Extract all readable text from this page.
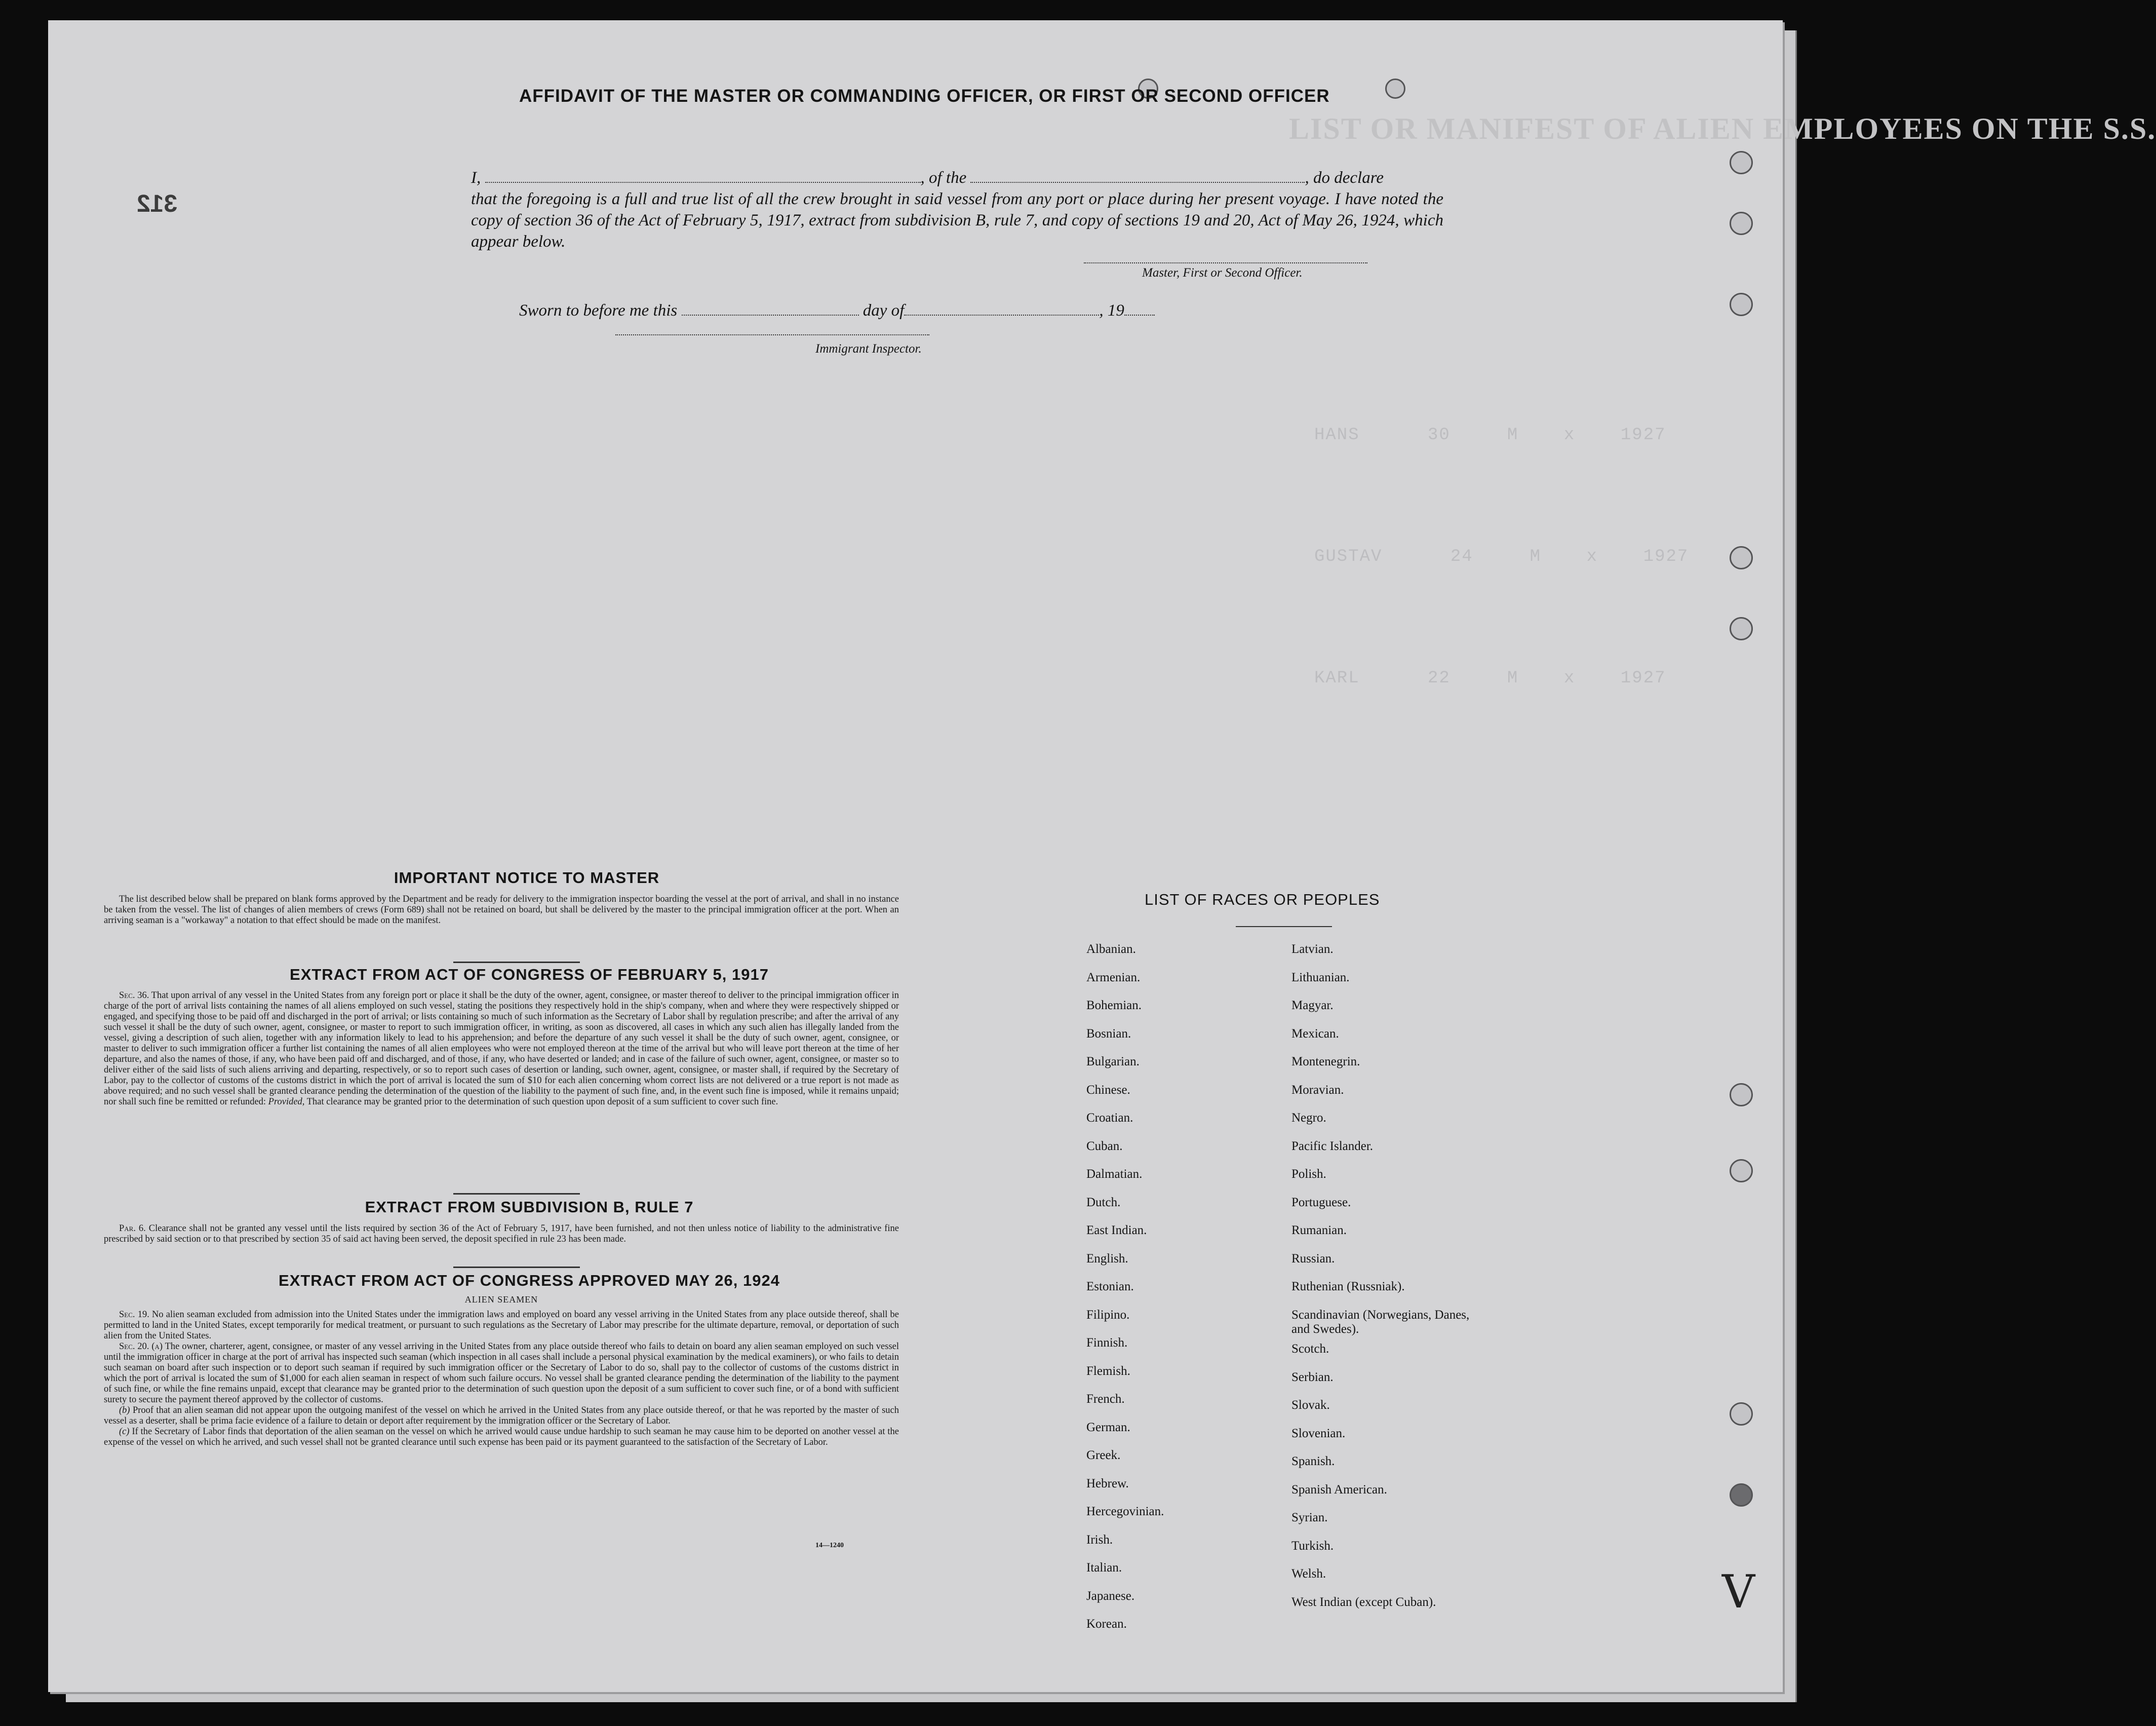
LIST OR MANIFEST OF ALIEN EMPLOYEES ON THE S.S.
HANS      30     M    x    1927
GUSTAV      24     M    x    1927
KARL      22     M    x    1927
312
V
AFFIDAVIT OF THE MASTER OR COMMANDING OFFICER, OR FIRST OR SECOND OFFICER
I,	, of the	, do declare
that the foregoing is a full and true list of all the crew brought in said vessel from any port or place during her present voyage. I have noted the copy of section 36 of the Act of February 5, 1917, extract from subdivision B, rule 7, and copy of sections 19 and 20, Act of May 26, 1924, which appear below.
Master, First or Second Officer.
Sworn to before me this	day of	, 19
Immigrant Inspector.
IMPORTANT NOTICE TO MASTER

The list described below shall be prepared on blank forms approved by the Department and be ready for delivery to the immigration inspector boarding the vessel at the port of arrival, and shall in no instance be taken from the vessel. The list of changes of alien members of crews (Form 689) shall not be retained on board, but shall be delivered by the master to the principal immigration officer at the port. When an arriving seaman is a "workaway" a notation to that effect should be made on the manifest.

EXTRACT FROM ACT OF CONGRESS OF FEBRUARY 5, 1917

Sec. 36. That upon arrival of any vessel in the United States from any foreign port or place it shall be the duty of the owner, agent, consignee, or master thereof to deliver to the principal immigration officer in charge of the port of arrival lists containing the names of all aliens employed on such vessel, stating the positions they respectively hold in the ship's company, when and where they were respectively shipped or engaged, and specifying those to be paid off and discharged in the port of arrival; or lists containing so much of such information as the Secretary of Labor shall by regulation prescribe; and after the arrival of any such vessel it shall be the duty of such owner, agent, consignee, or master to report to such immigration officer, in writing, as soon as discovered, all cases in which any such alien has illegally landed from the vessel, giving a description of such alien, together with any information likely to lead to his apprehension; and before the departure of any such vessel it shall be the duty of such owner, agent, consignee, or master to deliver to such immigration officer a further list containing the names of all alien employees who were not employed thereon at the time of the arrival but who will leave port thereon at the time of her departure, and also the names of those, if any, who have been paid off and discharged, and of those, if any, who have deserted or landed; and in case of the failure of such owner, agent, consignee, or master so to deliver either of the said lists of such aliens arriving and departing, respectively, or so to report such cases of desertion or landing, such owner, agent, consignee, or master shall, if required by the Secretary of Labor, pay to the collector of customs of the customs district in which the port of arrival is located the sum of $10 for each alien concerning whom correct lists are not delivered or a true report is not made as above required; and no such vessel shall be granted clearance pending the determination of the question of the liability to the payment of such fine, and, in the event such fine is imposed, while it remains unpaid; nor shall such fine be remitted or refunded: Provided, That clearance may be granted prior to the determination of such question upon deposit of a sum sufficient to cover such fine.

EXTRACT FROM SUBDIVISION B, RULE 7

Par. 6. Clearance shall not be granted any vessel until the lists required by section 36 of the Act of February 5, 1917, have been furnished, and not then unless notice of liability to the administrative fine prescribed by said section or to that prescribed by section 35 of said act having been served, the deposit specified in rule 23 has been made.

EXTRACT FROM ACT OF CONGRESS APPROVED MAY 26, 1924
ALIEN SEAMEN

Sec. 19. No alien seaman excluded from admission into the United States under the immigration laws and employed on board any vessel arriving in the United States from any place outside thereof, shall be permitted to land in the United States, except temporarily for medical treatment, or pursuant to such regulations as the Secretary of Labor may prescribe for the ultimate departure, removal, or deportation of such alien from the United States.

Sec. 20. (a) The owner, charterer, agent, consignee, or master of any vessel arriving in the United States from any place outside thereof who fails to detain on board any alien seaman employed on such vessel until the immigration officer in charge at the port of arrival has inspected such seaman (which inspection in all cases shall include a personal physical examination by the medical examiners), or who fails to detain such seaman on board after such inspection or to deport such seaman if required by such immigration officer or the Secretary of Labor to do so, shall pay to the collector of customs of the customs district in which the port of arrival is located the sum of $1,000 for each alien seaman in respect of whom such failure occurs. No vessel shall be granted clearance pending the determination of the liability to the payment of such fine, or while the fine remains unpaid, except that clearance may be granted prior to the determination of such question upon the deposit of a sum sufficient to cover such fine, or of a bond with sufficient surety to secure the payment thereof approved by the collector of customs.

(b) Proof that an alien seaman did not appear upon the outgoing manifest of the vessel on which he arrived in the United States from any place outside thereof, or that he was reported by the master of such vessel as a deserter, shall be prima facie evidence of a failure to detain or deport after requirement by the immigration officer or the Secretary of Labor.

(c) If the Secretary of Labor finds that deportation of the alien seaman on the vessel on which he arrived would cause undue hardship to such seaman he may cause him to be deported on another vessel at the expense of the vessel on which he arrived, and such vessel shall not be granted clearance until such expense has been paid or its payment guaranteed to the satisfaction of the Secretary of Labor.

14—1240
LIST OF RACES OR PEOPLES
Albanian.
Armenian.
Bohemian.
Bosnian.
Bulgarian.
Chinese.
Croatian.
Cuban.
Dalmatian.
Dutch.
East Indian.
English.
Estonian.
Filipino.
Finnish.
Flemish.
French.
German.
Greek.
Hebrew.
Hercegovinian.
Irish.
Italian.
Japanese.
Korean.
Latvian.
Lithuanian.
Magyar.
Mexican.
Montenegrin.
Moravian.
Negro.
Pacific Islander.
Polish.
Portuguese.
Rumanian.
Russian.
Ruthenian (Russniak).
Scandinavian (Norwegians, Danes, and Swedes).
Scotch.
Serbian.
Slovak.
Slovenian.
Spanish.
Spanish American.
Syrian.
Turkish.
Welsh.
West Indian (except Cuban).
